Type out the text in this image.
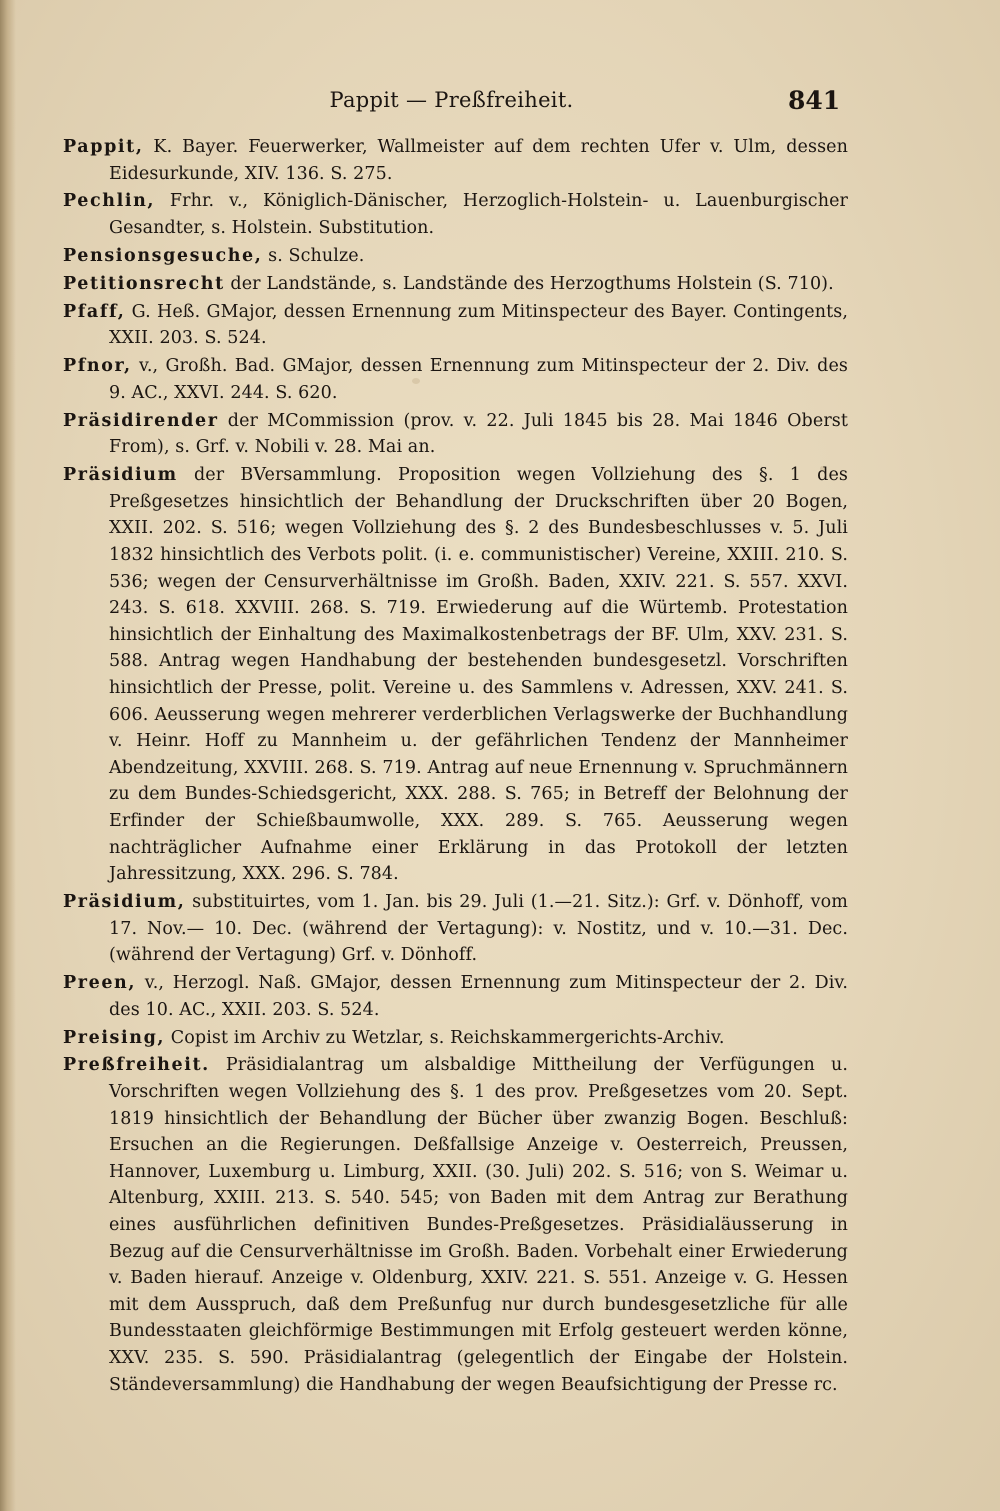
Pappit — Preßfreiheit.	841

Pappit, K. Bayer. Feuerwerker, Wallmeister auf dem rechten Ufer v. Ulm, dessen Eidesurkunde, XIV. 136. S. 275.

Pechlin, Frhr. v., Königlich-Dänischer, Herzoglich-Holstein- u. Lauenburgischer Gesandter, s. Holstein. Substitution.

Pensionsgesuche, s. Schulze.

Petitionsrecht der Landstände, s. Landstände des Herzogthums Holstein (S. 710).

Pfaff, G. Heß. GMajor, dessen Ernennung zum Mitinspecteur des Bayer. Contingents, XXII. 203. S. 524.

Pfnor, v., Großh. Bad. GMajor, dessen Ernennung zum Mitinspecteur der 2. Div. des 9. AC., XXVI. 244. S. 620.

Präsidirender der MCommission (prov. v. 22. Juli 1845 bis 28. Mai 1846 Oberst From), s. Grf. v. Nobili v. 28. Mai an.

Präsidium der BVersammlung. Proposition wegen Vollziehung des §. 1 des Preßgesetzes hinsichtlich der Behandlung der Druckschriften über 20 Bogen, XXII. 202. S. 516; wegen Vollziehung des §. 2 des Bundesbeschlusses v. 5. Juli 1832 hinsichtlich des Verbots polit. (i. e. communistischer) Vereine, XXIII. 210. S. 536; wegen der Censurverhältnisse im Großh. Baden, XXIV. 221. S. 557. XXVI. 243. S. 618. XXVIII. 268. S. 719. Erwiederung auf die Würtemb. Protestation hinsichtlich der Einhaltung des Maximalkostenbetrags der BF. Ulm, XXV. 231. S. 588. Antrag wegen Handhabung der bestehenden bundesgesetzl. Vorschriften hinsichtlich der Presse, polit. Vereine u. des Sammlens v. Adressen, XXV. 241. S. 606. Aeusserung wegen mehrerer verderblichen Verlagswerke der Buchhandlung v. Heinr. Hoff zu Mannheim u. der gefährlichen Tendenz der Mannheimer Abendzeitung, XXVIII. 268. S. 719. Antrag auf neue Ernennung v. Spruchmännern zu dem Bundes-Schiedsgericht, XXX. 288. S. 765; in Betreff der Belohnung der Erfinder der Schießbaumwolle, XXX. 289. S. 765. Aeusserung wegen nachträglicher Aufnahme einer Erklärung in das Protokoll der letzten Jahressitzung, XXX. 296. S. 784.

Präsidium, substituirtes, vom 1. Jan. bis 29. Juli (1.—21. Sitz.): Grf. v. Dönhoff, vom 17. Nov.— 10. Dec. (während der Vertagung): v. Nostitz, und v. 10.—31. Dec. (während der Vertagung) Grf. v. Dönhoff.

Preen, v., Herzogl. Naß. GMajor, dessen Ernennung zum Mitinspecteur der 2. Div. des 10. AC., XXII. 203. S. 524.

Preising, Copist im Archiv zu Wetzlar, s. Reichskammergerichts-Archiv.

Preßfreiheit. Präsidialantrag um alsbaldige Mittheilung der Verfügungen u. Vorschriften wegen Vollziehung des §. 1 des prov. Preßgesetzes vom 20. Sept. 1819 hinsichtlich der Behandlung der Bücher über zwanzig Bogen. Beschluß: Ersuchen an die Regierungen. Deßfallsige Anzeige v. Oesterreich, Preussen, Hannover, Luxemburg u. Limburg, XXII. (30. Juli) 202. S. 516; von S. Weimar u. Altenburg, XXIII. 213. S. 540. 545; von Baden mit dem Antrag zur Berathung eines ausführlichen definitiven Bundes-Preßgesetzes. Präsidialäusserung in Bezug auf die Censurverhältnisse im Großh. Baden. Vorbehalt einer Erwiederung v. Baden hierauf. Anzeige v. Oldenburg, XXIV. 221. S. 551. Anzeige v. G. Hessen mit dem Ausspruch, daß dem Preßunfug nur durch bundesgesetzliche für alle Bundesstaaten gleichförmige Bestimmungen mit Erfolg gesteuert werden könne, XXV. 235. S. 590. Präsidialantrag (gelegentlich der Eingabe der Holstein. Ständeversammlung) die Handhabung der wegen Beaufsichtigung der Presse rc.
